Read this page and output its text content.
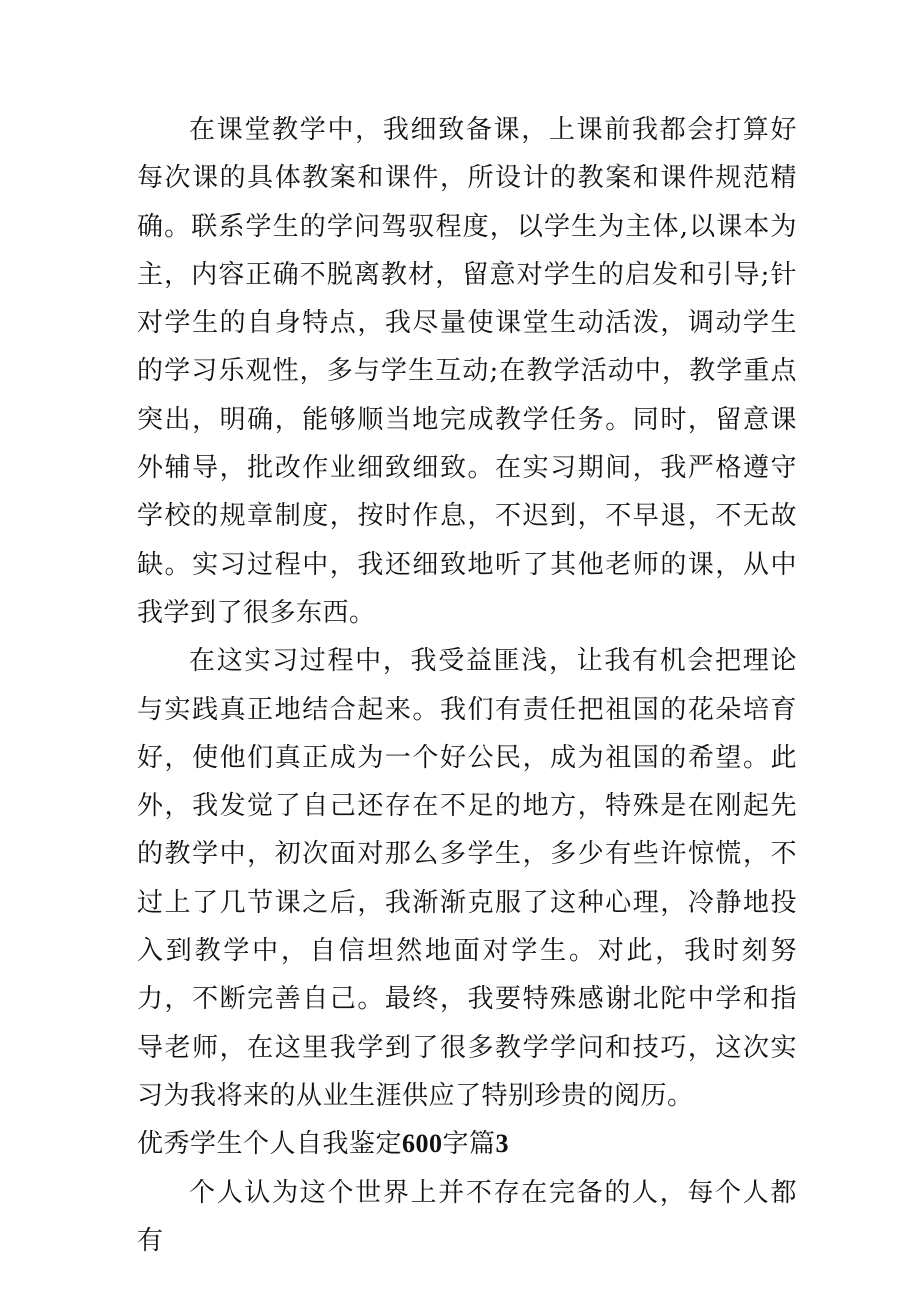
在课堂教学中，我细致备课，上课前我都会打算好每次课的具体教案和课件，所设计的教案和课件规范精确。联系学生的学问驾驭程度，以学生为主体,以课本为主，内容正确不脱离教材，留意对学生的启发和引导;针对学生的自身特点，我尽量使课堂生动活泼，调动学生的学习乐观性，多与学生互动;在教学活动中，教学重点突出，明确，能够顺当地完成教学任务。同时，留意课外辅导，批改作业细致细致。在实习期间，我严格遵守学校的规章制度，按时作息，不迟到，不早退，不无故缺。实习过程中，我还细致地听了其他老师的课，从中我学到了很多东西。

在这实习过程中，我受益匪浅，让我有机会把理论与实践真正地结合起来。我们有责任把祖国的花朵培育好，使他们真正成为一个好公民，成为祖国的希望。此外，我发觉了自己还存在不足的地方，特殊是在刚起先的教学中，初次面对那么多学生，多少有些许惊慌，不过上了几节课之后，我渐渐克服了这种心理，冷静地投入到教学中，自信坦然地面对学生。对此，我时刻努力，不断完善自己。最终，我要特殊感谢北陀中学和指导老师，在这里我学到了很多教学学问和技巧，这次实习为我将来的从业生涯供应了特别珍贵的阅历。

优秀学生个人自我鉴定600字篇3

个人认为这个世界上并不存在完备的人，每个人都有
